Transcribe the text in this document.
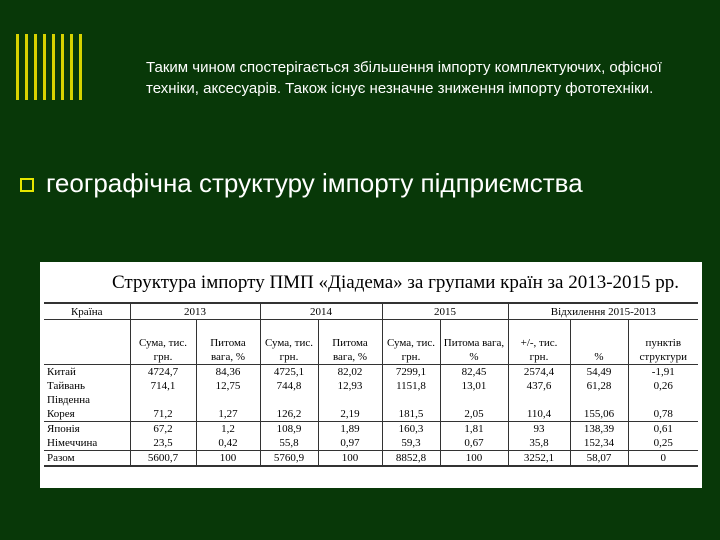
Таким чином спостерігається збільшення імпорту комплектуючих, офісної техніки, аксесуарів. Також існує незначне зниження імпорту фототехніки.
географічна структуру імпорту підприємства
Структура імпорту ПМП «Діадема» за групами країн за 2013-2015 рр.
Країна	2013		2014		2015		Відхилення 2015-2013		
	Сума, тис. грн.	Питома вага, %	Сума, тис. грн.	Питома вага, %	Сума, тис. грн.	Питома вага, %	+/-, тис. грн.	%	пунктів структури
Китай	4724,7	84,36	4725,1	82,02	7299,1	82,45	2574,4	54,49	-1,91
Тайвань	714,1	12,75	744,8	12,93	1151,8	13,01	437,6	61,28	0,26
Південна									
Корея	71,2	1,27	126,2	2,19	181,5	2,05	110,4	155,06	0,78
Японія	67,2	1,2	108,9	1,89	160,3	1,81	93	138,39	0,61
Німеччина	23,5	0,42	55,8	0,97	59,3	0,67	35,8	152,34	0,25
Разом	5600,7	100	5760,9	100	8852,8	100	3252,1	58,07	0
